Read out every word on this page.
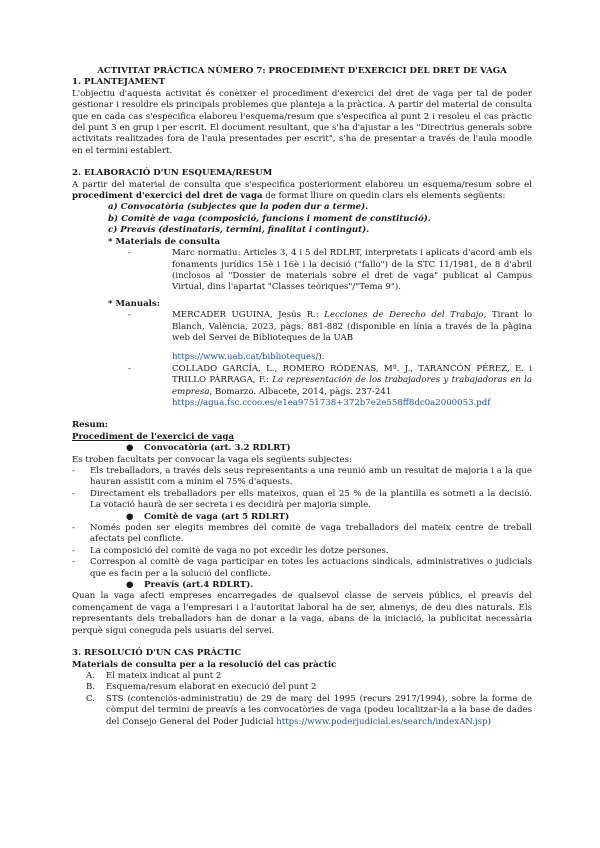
ACTIVITAT PRÀCTICA NÚMERO 7: PROCEDIMENT D'EXERCICI DEL DRET DE VAGA

1. PLANTEJAMENT

L'objectiu d'aquesta activitat és conèixer el procediment d'exercici del dret de vaga per tal de poder gestionar i resoldre els principals problemes que planteja a la pràctica. A partir del material de consulta que en cada cas s'especifica elaboreu l'esquema/resum que s'especifica al punt 2 i resoleu el cas pràctic del punt 3 en grup i per escrit. El document resultant, que s'ha d'ajustar a les "Directrius generals sobre activitats realitzades fora de l'aula presentades per escrit", s'ha de presentar a través de l'aula moodle en el termini establert.

2. ELABORACIÓ D'UN ESQUEMA/RESUM

A partir del material de consulta que s'especifica posteriorment elaboreu un esquema/resum sobre el procediment d'exercici del dret de vaga de format lliure on quedin clars els elements següents:

a) Convocatòria (subjectes que la poden dur a terme).
b) Comitè de vaga (composició, funcions i moment de constitució).
c) Preavís (destinataris, termini, finalitat i contingut).

* Materials de consulta

-	Marc normatiu: Articles 3, 4 i 5 del RDLRT, interpretats i aplicats d'acord amb els fonaments jurídics 15è i 16è i la decisió ("fallo") de la STC 11/1981, de 8 d'abril (inclosos al "Dossier de materials sobre el dret de vaga" publicat al Campus Virtual, dins l'apartat "Classes teòriques"/"Tema 9").

* Manuals:

-	MERCADER UGUINA, Jesús R.: Lecciones de Derecho del Trabajo, Tirant lo Blanch, València, 2023, pàgs. 881-882 (disponible en línia a través de la pàgina web del Servei de Biblioteques de la UAB

https://www.uab.cat/biblioteques/).

-	COLLADO GARCÍA, L., ROMERO RÓDENAS, Mª. J., TARANCÓN PÉREZ, E. i TRILLO PÁRRAGA, F.: La representación de los trabajadores y trabajadoras en la empresa, Bomarzo. Albacete, 2014, pàgs. 237-241
https://agua.fsc.ccoo.es/e1ea9751738+372b7e2e558ff8dc0a2000053.pdf

Resum:

Procediment de l'exercici de vaga

● Convocatòria (art. 3.2 RDLRT)

Es troben facultats per convocar la vaga els següents subjectes:

- Els treballadors, a través dels seus representants a una reunió amb un resultat de majoria i a la que hauran assistit com a mínim el 75% d'aquests.
- Directament els treballadors per ells mateixos, quan el 25 % de la plantilla es sotmeti a la decisió. La votació haurà de ser secreta i es decidirà per majoria simple.

● Comitè de vaga (art 5 RDLRT)

- Només poden ser elegits membres del comitè de vaga treballadors del mateix centre de treball afectats pel conflicte.
- La composició del comitè de vaga no pot excedir les dotze persones.
- Correspon al comitè de vaga participar en totes les actuacions sindicals, administratives o judicials que es facin per a la solució del conflicte.

● Preavís (art.4 RDLRT).

Quan la vaga afecti empreses encarregades de qualsevol classe de serveis públics, el preavís del començament de vaga a l'empresari i a l'autoritat laboral ha de ser, almenys, de deu dies naturals. Els representants dels treballadors han de donar a la vaga, abans de la iniciació, la publicitat necessària perquè sigui coneguda pels usuaris del servei.

3. RESOLUCIÓ D'UN CAS PRÀCTIC

Materials de consulta per a la resolució del cas pràctic

A. El mateix indicat al punt 2
B. Esquema/resum elaborat en execució del punt 2
C. STS (contenciós-administratiu) de 29 de març del 1995 (recurs 2917/1994), sobre la forma de còmput del termini de preavís a les convocatòries de vaga (podeu localitzar-la a la base de dades del Consejo General del Poder Judicial https://www.poderjudicial.es/search/indexAN.jsp)
